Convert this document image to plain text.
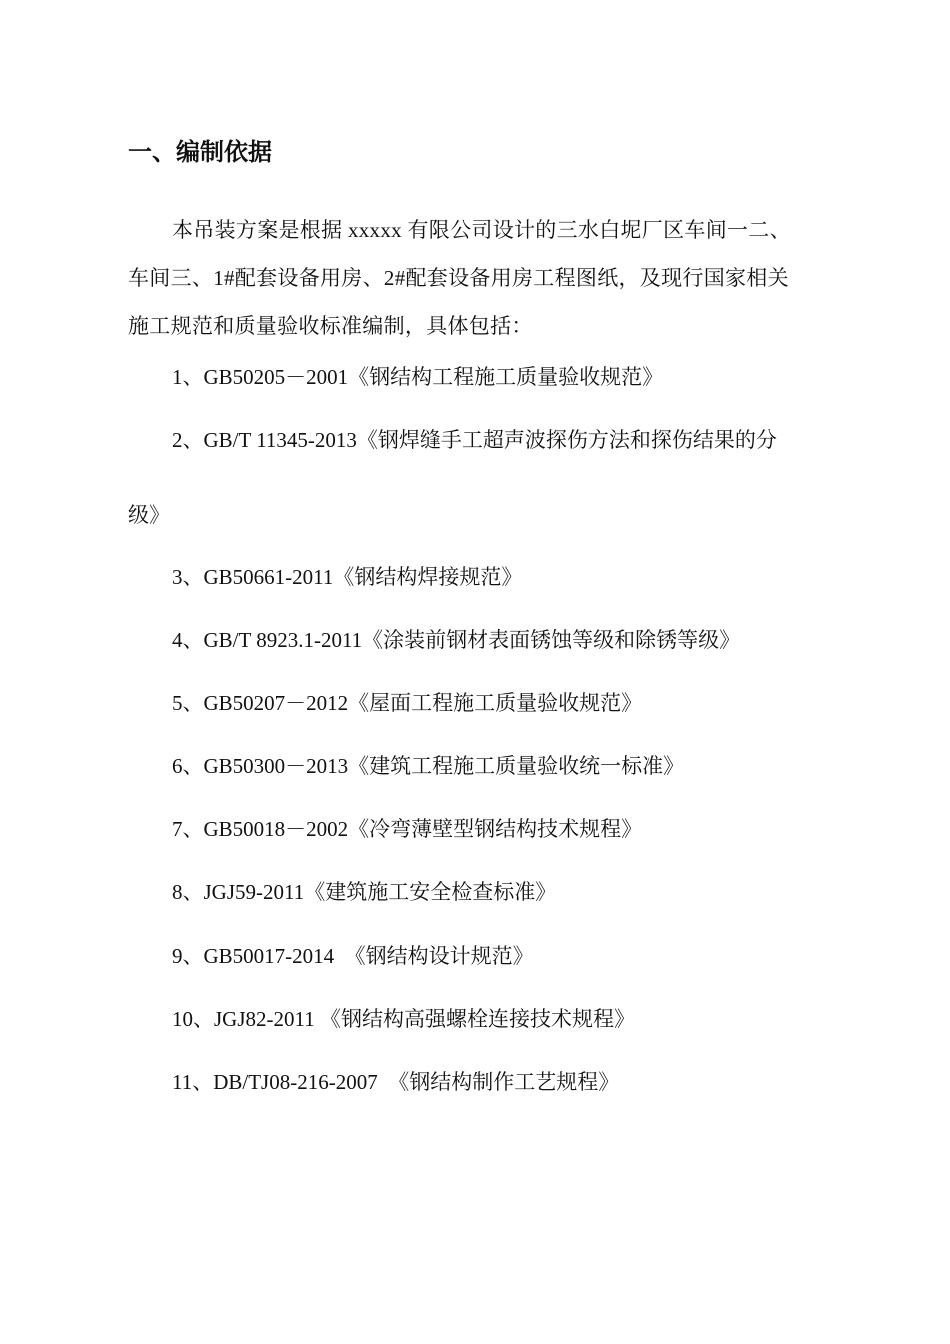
一、编制依据
本吊装方案是根据 xxxxx 有限公司设计的三水白坭厂区车间一二、
车间三、1#配套设备用房、2#配套设备用房工程图纸，及现行国家相关
施工规范和质量验收标准编制，具体包括：
1、GB50205－2001《钢结构工程施工质量验收规范》
2、GB/T 11345-2013《钢焊缝手工超声波探伤方法和探伤结果的分
级》
3、GB50661-2011《钢结构焊接规范》
4、GB/T 8923.1-2011《涂装前钢材表面锈蚀等级和除锈等级》
5、GB50207－2012《屋面工程施工质量验收规范》
6、GB50300－2013《建筑工程施工质量验收统一标准》
7、GB50018－2002《冷弯薄壁型钢结构技术规程》
8、JGJ59-2011《建筑施工安全检查标准》
9、GB50017-2014  《钢结构设计规范》
10、JGJ82-2011 《钢结构高强螺栓连接技术规程》
11、DB/TJ08-216-2007  《钢结构制作工艺规程》
